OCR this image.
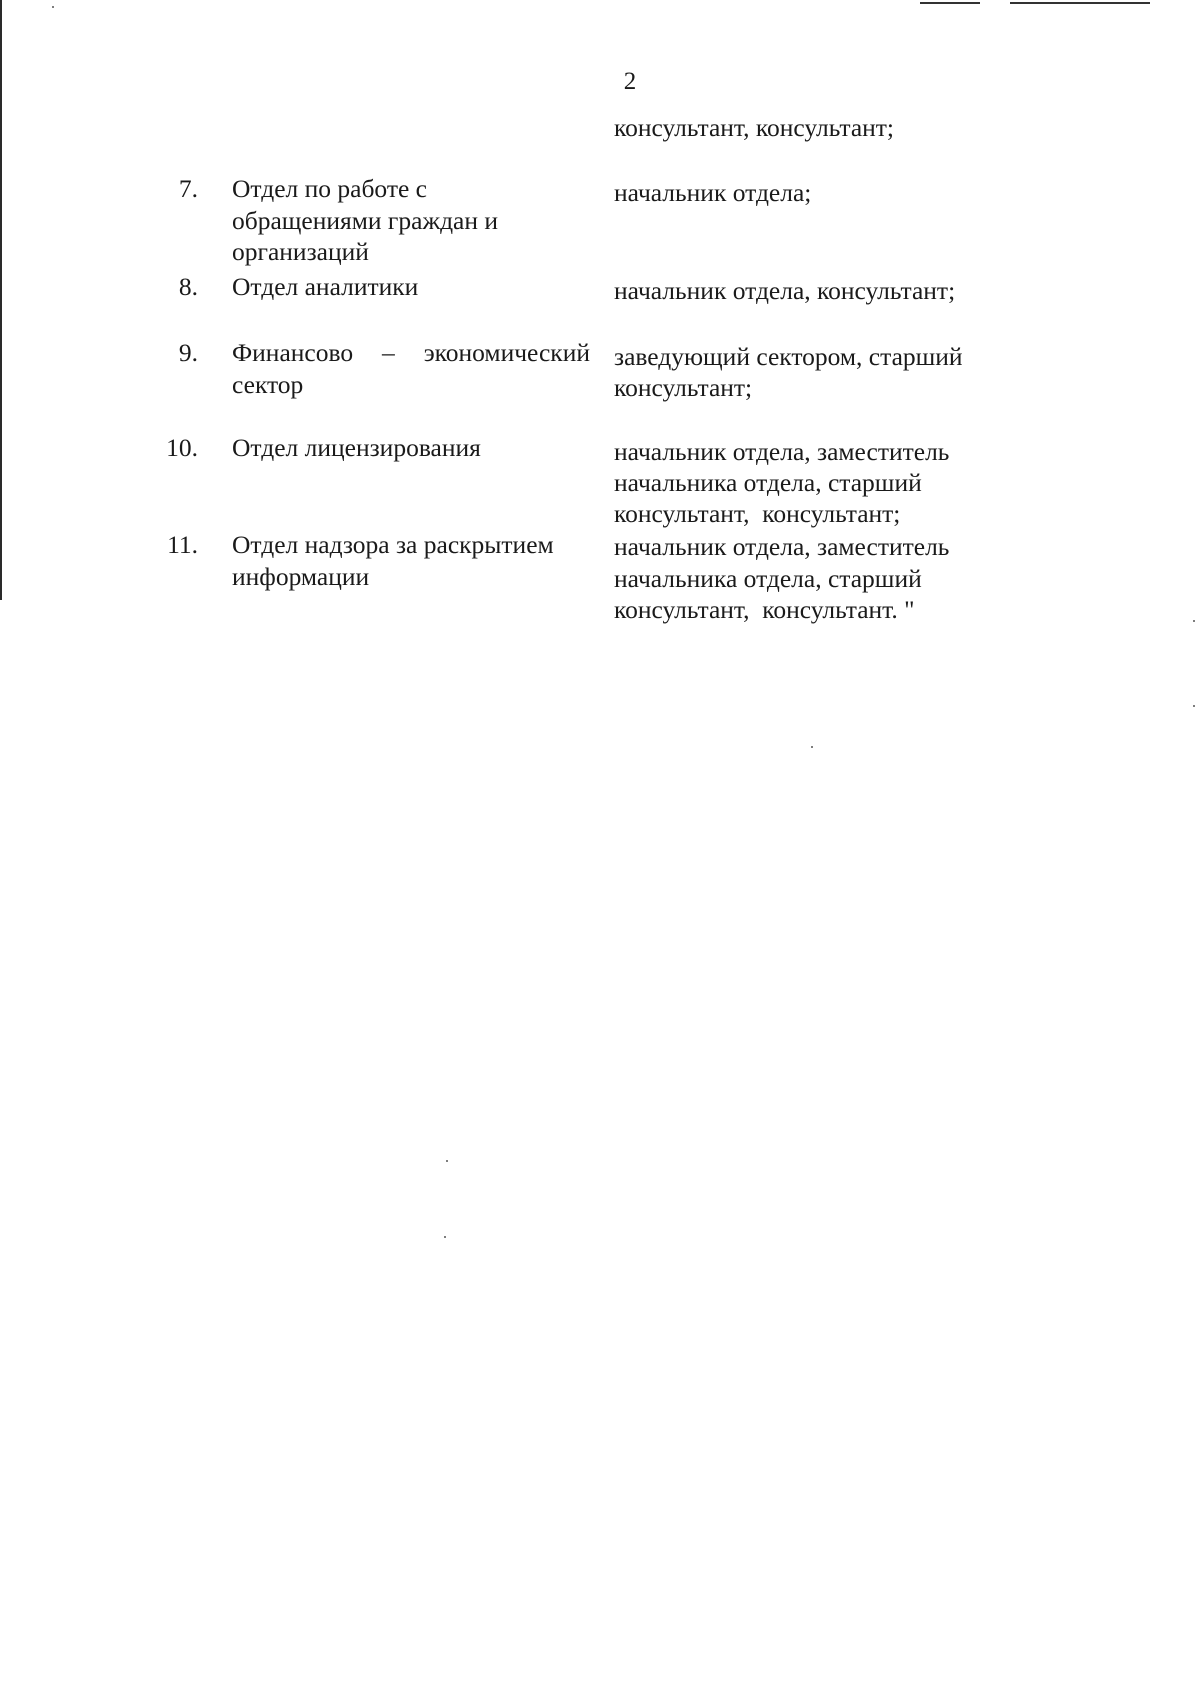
2
консультант, консультант;
7. Отдел по работе с
обращениями граждан и
организаций
начальник отдела;
8. Отдел аналитики	начальник отдела, консультант;
9. Финансово – экономический
сектор
заведующий сектором, старший
консультант;
10. Отдел лицензирования	начальник отдела, заместитель
начальника отдела, старший
консультант,  консультант;
11. Отдел надзора за раскрытием
информации
начальник отдела, заместитель
начальника отдела, старший
консультант,  консультант. "
